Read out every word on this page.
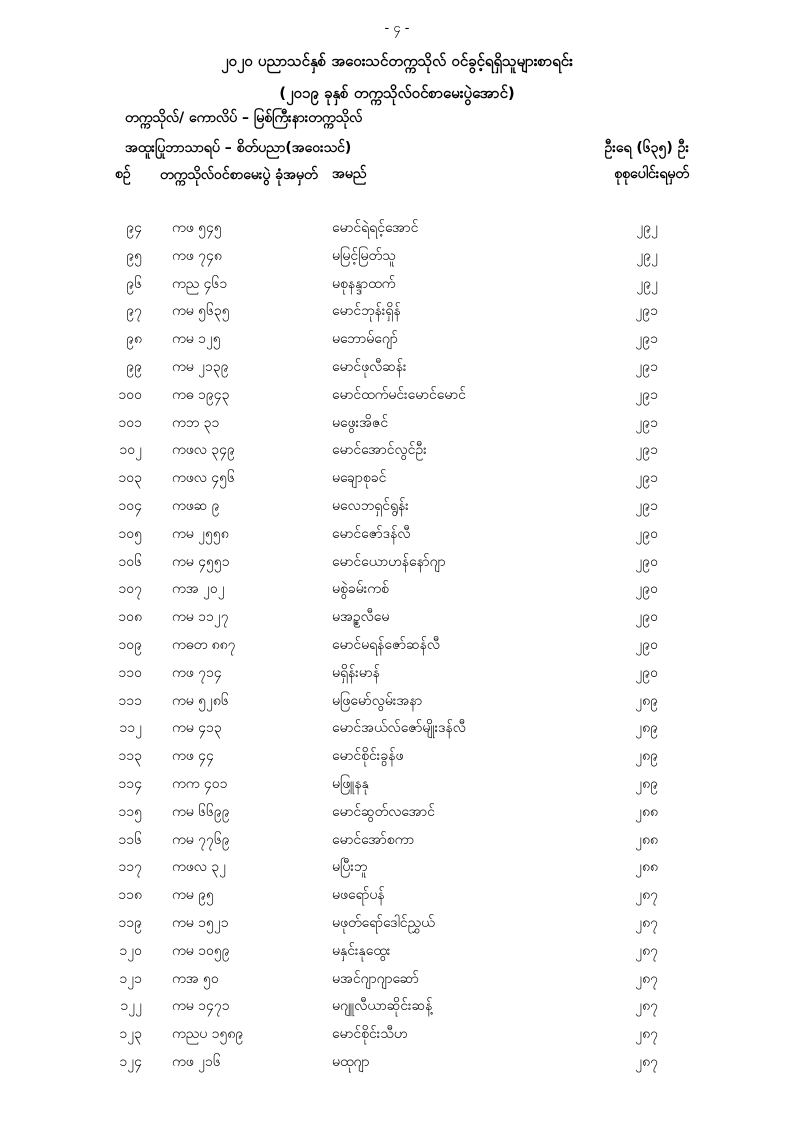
- ၄ -
၂၀၂၀ ပညာသင်နှစ် အဝေးသင်တက္ကသိုလ် ဝင်ခွင့်ရရှိသူများစာရင်း
(၂၀၁၉ ခုနှစ် တက္ကသိုလ်ဝင်စာမေးပွဲအောင်)
တက္ကသိုလ်/ ကောလိပ် – မြစ်ကြီးနားတက္ကသိုလ်
အထူးပြုဘာသာရပ် – စိတ်ပညာ(အဝေးသင်)	ဦးရေ (၆၃၅) ဦး
စဉ် တက္ကသိုလ်ဝင်စာမေးပွဲ ခုံအမှတ်	အမည်	စုစုပေါင်းရမှတ်
၉၄ ကဖ ၅၄၅	မောင်ရဲရင့်အောင်	၂၉၂
၉၅ ကဖ ၇၄၈	မမြင့်မြတ်သူ	၂၉၂
၉၆ ကည ၄၆၁	မစုနန္ဒာထက်	၂၉၂
၉၇ ကမ ၅၆၃၅	မောင်ဘုန်းရှိန်	၂၉၁
၉၈ ကမ ၁၂၅	မဘောမ်ဂျော်	၂၉၁
၉၉ ကမ ၂၁၃၉	မောင်ဖုလီဆန်း	၂၉၁
၁၀၀ ကဓ ၁၉၄၃	မောင်ထက်မင်းမောင်မောင်	၂၉၁
၁၀၁ ကဘ ၃၁	မဖွေးအိဇင်	၂၉၁
၁၀၂ ကဖလ ၃၄၉	မောင်အောင်လွင်ဦး	၂၉၁
၁၀၃ ကဖလ ၄၅၆	မချောစုခင်	၂၉၁
၁၀၄ ကဖဆ ၉	မလေဘရှင်ရွန်း	၂၉၁
၁၀၅ ကမ ၂၅၅၈	မောင်ဇော်ဒန်လီ	၂၉၀
၁၀၆ ကမ ၄၅၅၁	မောင်ယောဟန်နော်ဂျာ	၂၉၀
၁၀၇ ကအ ၂၀၂	မစွဲခမ်းကစ်	၂၉၀
၁၀၈ ကမ ၁၁၂၇	မအဥ္စလီမေ	၂၉၀
၁၀၉ ကဓတ ၈၈၇	မောင်မရန်ဇော်ဆန်လီ	၂၉၀
၁၁၀ ကဖ ၇၁၄	မရှိန်းမာန်	၂၉၀
၁၁၁ ကမ ၅၂၈၆	မဖြမော်လွမ်းအနာ	၂၈၉
၁၁၂ ကမ ၄၁၃	မောင်အယ်လ်ဇော်မျိုးဒန်လီ	၂၈၉
၁၁၃ ကဖ ၄၄	မောင်စိုင်းခွန်ဖ	၂၈၉
၁၁၄ ကက ၄၀၁	မဖြူနနု	၂၈၉
၁၁၅ ကမ ၆၆၉၉	မောင်ဆွတ်လအောင်	၂၈၈
၁၁၆ ကမ ၇၇၆၉	မောင်အော်စကာ	၂၈၈
၁၁၇ ကဖလ ၃၂	မပြီးဘူ	၂၈၈
၁၁၈ ကမ ၉၅	မဖရော်ပန်	၂၈၇
၁၁၉ ကမ ၁၅၂၁	မဖုတ်ရော်ဒေါင်ညွှယ်	၂၈၇
၁၂၀ ကမ ၁၀၅၉	မနှင်းနုထွေး	၂၈၇
၁၂၁ ကအ ၅၀	မအင်ဂျာဂျာဆော်	၂၈၇
၁၂၂ ကမ ၁၄၇၁	မဂျူလီယာဆိုင်းဆန့်	၂၈၇
၁၂၃ ကညပ ၁၅၈၉	မောင်စိုင်းသီဟ	၂၈၇
၁၂၄ ကဖ ၂၁၆	မထုဂျာ	၂၈၇
